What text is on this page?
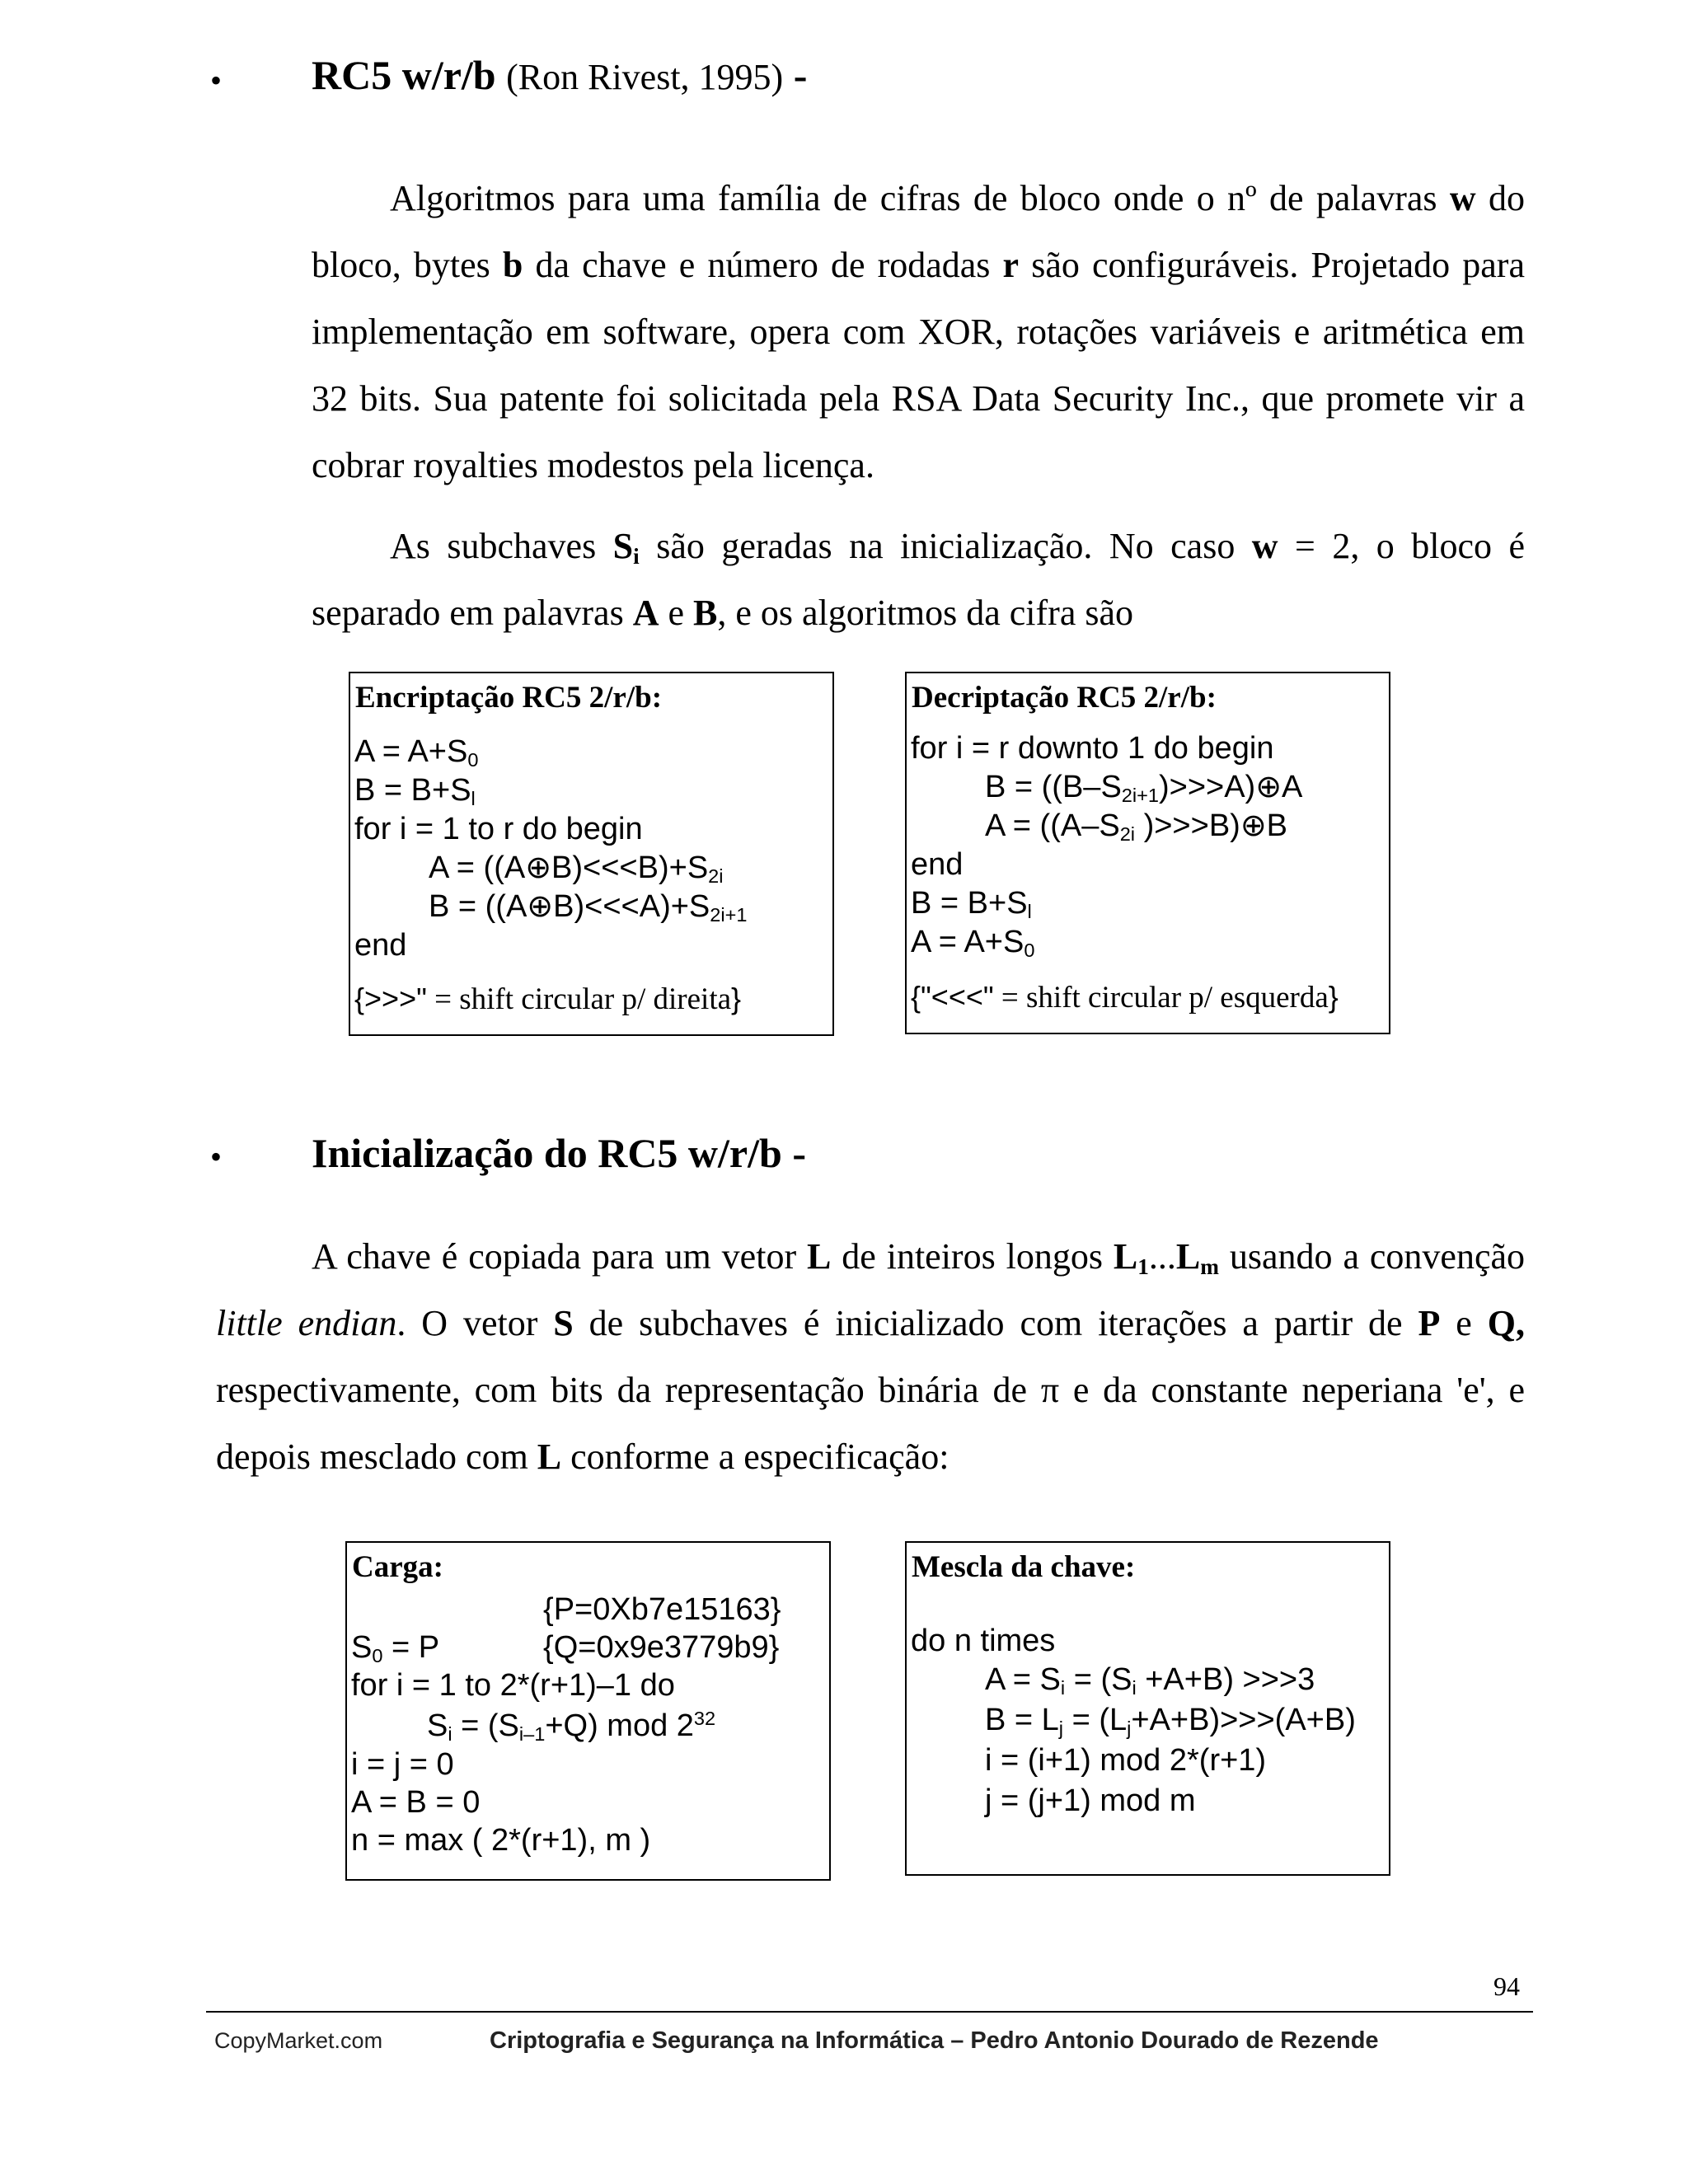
• RC5 w/r/b (Ron Rivest, 1995) -
Algoritmos para uma família de cifras de bloco onde o nº de palavras w do bloco, bytes b da chave e número de rodadas r são configuráveis. Projetado para implementação em software, opera com XOR, rotações variáveis e aritmética em 32 bits. Sua patente foi solicitada pela RSA Data Security Inc., que promete vir a cobrar royalties modestos pela licença.
As subchaves $S_i$ são geradas na inicialização. No caso w = 2, o bloco é separado em palavras A e B, e os algoritmos da cifra são
Encriptação RC5 2/r/b:
$A = A+S_0$
$B = B+S_l$
for i = 1 to r do begin
$A = ((A\oplus B)<<<B)+S_{2i}$
$B = ((A\oplus B)<<<A)+S_{2i+1}$
end
{>>>" = shift circular p/ direita}
Decriptação RC5 2/r/b:
for i = r downto 1 do begin
$B = ((B-S_{2i+1})>>>A)\oplus A$
$A = ((A-S_{2i}$ )>>>B)⊕B
end
$B = B+S_l$
$A = A+S_0$
{"<<<" = shift circular p/ esquerda}
• Inicialização do RC5 w/r/b -
A chave é copiada para um vetor L de inteiros longos $L_1...L_m$ usando a convenção little endian. O vetor S de subchaves é inicializado com iterações a partir de P e Q, respectivamente, com bits da representação binária de π e da constante neperiana 'e', e depois mesclado com L conforme a especificação:
Carga:
{P=0Xb7e15163}
$S_0 = P$	{Q=0x9e3779b9}
for i = 1 to 2*(r+1)–1 do
$S_i = (S_{i-1}+Q)$ mod $2^{32}$
i = j = 0
A = B = 0
n = max ( 2*(r+1), m )
Mescla da chave:
do n times
$A = S_i = (S_i +A+B) >>>3$
$B = L_j = (L_j+A+B)>>>(A+B)$
i = (i+1) mod 2*(r+1)
j = (j+1) mod m
94
CopyMarket.com	Criptografia e Segurança na Informática – Pedro Antonio Dourado de Rezende
